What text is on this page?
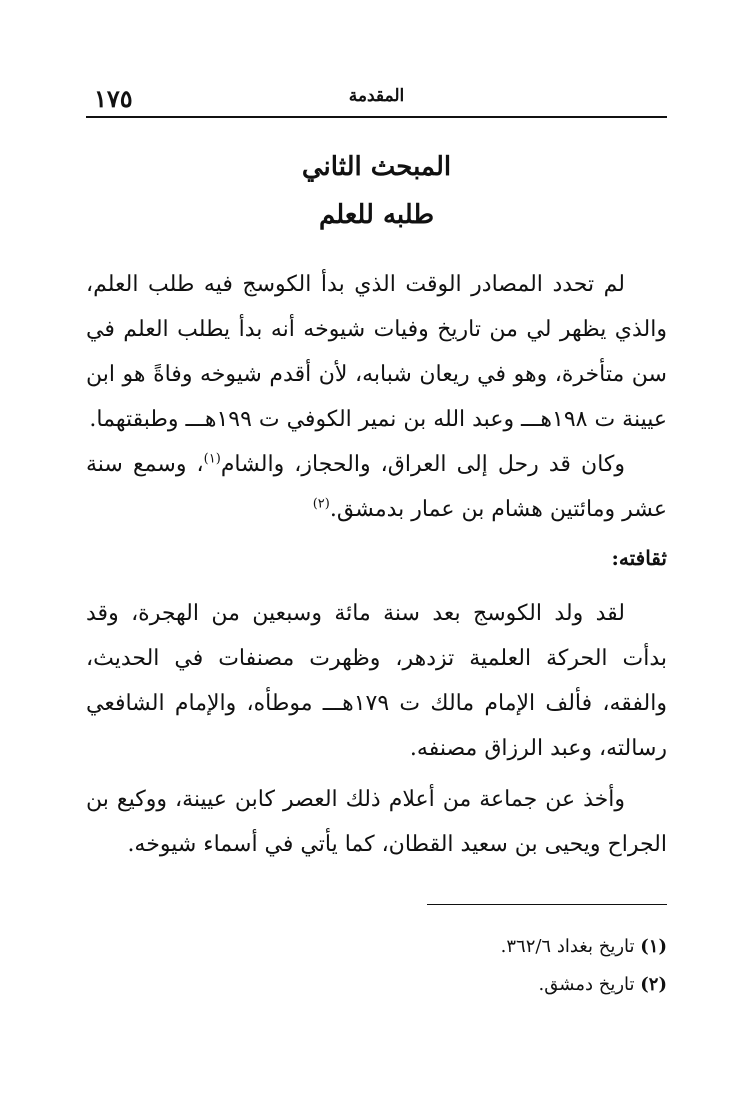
١٧٥	المقدمة
المبحث الثاني
طلبه للعلم

لم تحدد المصادر الوقت الذي بدأ الكوسج فيه طلب العلم، والذي يظهر لي من تاريخ وفيات شيوخه أنه بدأ يطلب العلم في سن متأخرة، وهو في ريعان شبابه، لأن أقدم شيوخه وفاةً هو ابن عيينة ت ١٩٨هـــ وعبد الله بن نمير الكوفي ت ١٩٩هـــ وطبقتهما.

وكان قد رحل إلى العراق، والحجاز، والشام$^{(١)}$، وسمع سنة عشر ومائتين هشام بن عمار بدمشق.$^{(٢)}$

ثقافته:

لقد ولد الكوسج بعد سنة مائة وسبعين من الهجرة، وقد بدأت الحركة العلمية تزدهر، وظهرت مصنفات في الحديث، والفقه، فألف الإمام مالك ت ١٧٩هـــ موطأه، والإمام الشافعي رسالته، وعبد الرزاق مصنفه.

وأخذ عن جماعة من أعلام ذلك العصر كابن عيينة، ووكيع بن الجراح ويحيى بن سعيد القطان، كما يأتي في أسماء شيوخه.

(١) تاريخ بغداد ٣٦٢/٦.

(٢) تاريخ دمشق.
